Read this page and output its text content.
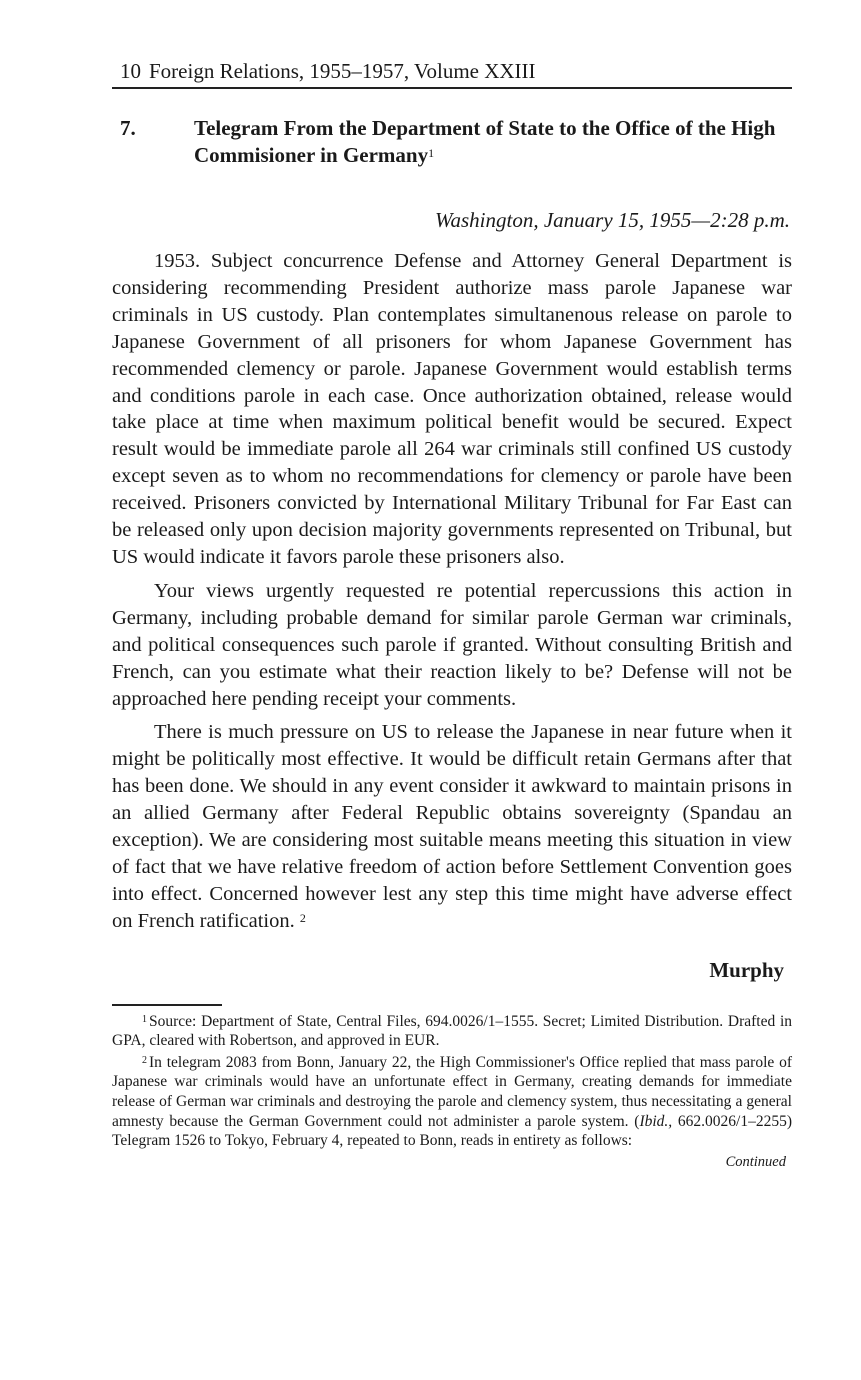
10 Foreign Relations, 1955–1957, Volume XXIII
7.	Telegram From the Department of State to the Office of the High Commisioner in Germany$^1$
Washington, January 15, 1955—2:28 p.m.

1953. Subject concurrence Defense and Attorney General Department is considering recommending President authorize mass parole Japanese war criminals in US custody. Plan contemplates simultanenous release on parole to Japanese Government of all prisoners for whom Japanese Government has recommended clemency or parole. Japanese Government would establish terms and conditions parole in each case. Once authorization obtained, release would take place at time when maximum political benefit would be secured. Expect result would be immediate parole all 264 war criminals still confined US custody except seven as to whom no recommendations for clemency or parole have been received. Prisoners convicted by International Military Tribunal for Far East can be released only upon decision majority governments represented on Tribunal, but US would indicate it favors parole these prisoners also.

Your views urgently requested re potential repercussions this action in Germany, including probable demand for similar parole German war criminals, and political consequences such parole if granted. Without consulting British and French, can you estimate what their reaction likely to be? Defense will not be approached here pending receipt your comments.

There is much pressure on US to release the Japanese in near future when it might be politically most effective. It would be difficult retain Germans after that has been done. We should in any event consider it awkward to maintain prisons in an allied Germany after Federal Republic obtains sovereignty (Spandau an exception). We are considering most suitable means meeting this situation in view of fact that we have relative freedom of action before Settlement Convention goes into effect. Concerned however lest any step this time might have adverse effect on French ratification. $^2$

Murphy

$^1$ Source: Department of State, Central Files, 694.0026/1–1555. Secret; Limited Distribution. Drafted in GPA, cleared with Robertson, and approved in EUR.

$^2$ In telegram 2083 from Bonn, January 22, the High Commissioner's Office replied that mass parole of Japanese war criminals would have an unfortunate effect in Germany, creating demands for immediate release of German war criminals and destroying the parole and clemency system, thus necessitating a general amnesty because the German Government could not administer a parole system. (Ibid., 662.0026/1–2255) Telegram 1526 to Tokyo, February 4, repeated to Bonn, reads in entirety as follows:

Continued
